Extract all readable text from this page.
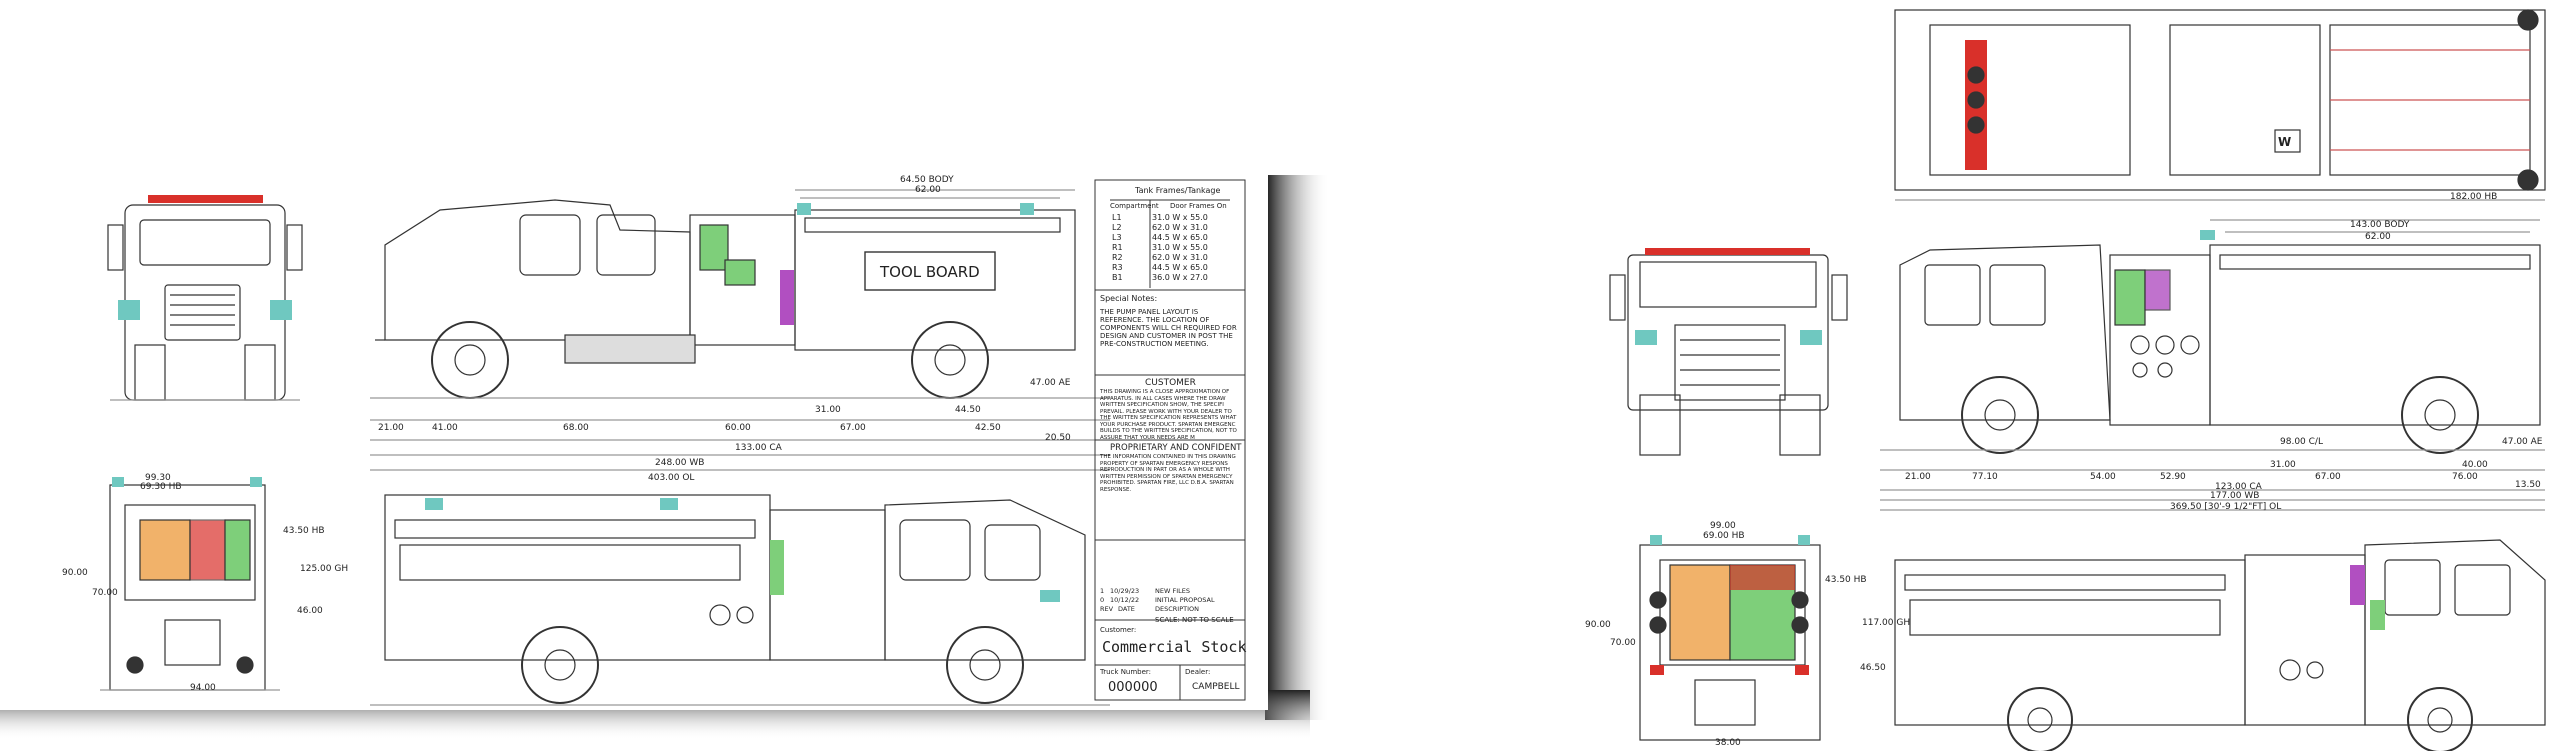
64.50 BODY
62.00
TOOL BOARD
47.00 AE
21.00	41.00	68.00	60.00
31.00
67.00
44.50
42.50
20.50
133.00 CA
248.00 WB
403.00 OL
99.30
69.30 HB
43.50 HB
125.00 GH
90.00
70.00
46.00
94.00
Tank Frames/Tankage
Compartment Door Frames On
L1	31.0 W x 55.0
L2	62.0 W x 31.0
L3	44.5 W x 65.0
R1	31.0 W x 55.0
R2	62.0 W x 31.0
R3	44.5 W x 65.0
B1	36.0 W x 27.0
Special Notes:
THE PUMP PANEL LAYOUT IS REFERENCE. THE LOCATION OF COMPONENTS WILL CH REQUIRED FOR DESIGN AND CUSTOMER IN POST THE PRE-CONSTRUCTION MEETING.
CUSTOMER
THIS DRAWING IS A CLOSE APPROXIMATION OF APPARATUS. IN ALL CASES WHERE THE DRAW WRITTEN SPECIFICATION SHOW, THE SPECIFI PREVAIL. PLEASE WORK WITH YOUR DEALER TO THE WRITTEN SPECIFICATION REPRESENTS WHAT YOUR PURCHASE PRODUCT. SPARTAN EMERGENC BUILDS TO THE WRITTEN SPECIFICATION, NOT TO ASSURE THAT YOUR NEEDS ARE M
PROPRIETARY AND CONFIDENT
THE INFORMATION CONTAINED IN THIS DRAWING PROPERTY OF SPARTAN EMERGENCY RESPONS REPRODUCTION IN PART OR AS A WHOLE WITH WRITTEN PERMISSION OF SPARTAN EMERGENCY PROHIBITED. SPARTAN FIRE, LLC D.B.A. SPARTAN RESPONSE.
1 10/29/23	NEW FILES
0 10/12/22	INITIAL PROPOSAL
REV DATE	DESCRIPTION
SCALE: NOT TO SCALE
Customer:
Commercial Stock
Truck Number:
000000
Dealer:
CAMPBELL
182.00 HB
W
143.00 BODY
62.00
98.00 C/L	47.00 AE
21.00	77.10	54.00	52.90
31.00
67.00
40.00
76.00
13.50
123.00 CA
177.00 WB
369.50 [30'-9 1/2"FT] OL
99.00
69.00 HB
43.50 HB
117.00 GH
90.00
70.00
46.50
38.00
